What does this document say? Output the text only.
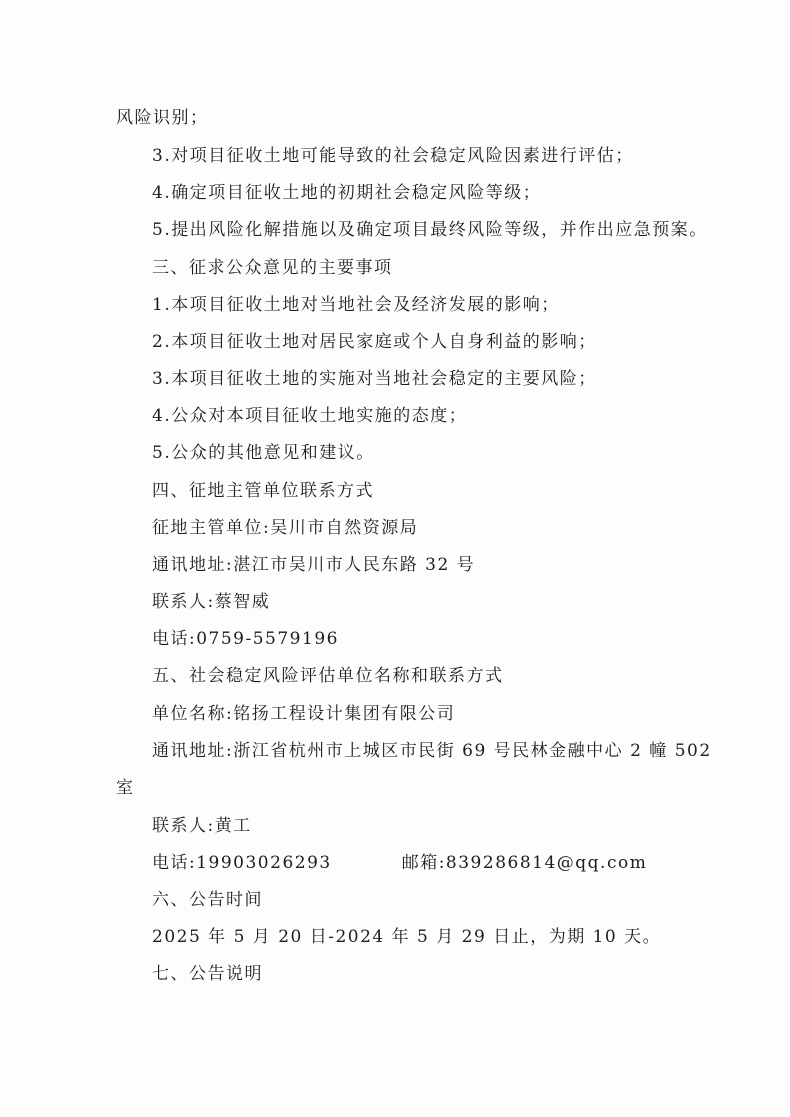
风险识别；

3.对项目征收土地可能导致的社会稳定风险因素进行评估；

4.确定项目征收土地的初期社会稳定风险等级；

5.提出风险化解措施以及确定项目最终风险等级，并作出应急预案。

三、征求公众意见的主要事项

1.本项目征收土地对当地社会及经济发展的影响；

2.本项目征收土地对居民家庭或个人自身利益的影响；

3.本项目征收土地的实施对当地社会稳定的主要风险；

4.公众对本项目征收土地实施的态度；

5.公众的其他意见和建议。

四、征地主管单位联系方式

征地主管单位:吴川市自然资源局

通讯地址:湛江市吴川市人民东路 32 号

联系人:蔡智威

电话:0759-5579196

五、社会稳定风险评估单位名称和联系方式

单位名称:铭扬工程设计集团有限公司

通讯地址:浙江省杭州市上城区市民街 69 号民林金融中心 2 幢 502

室

联系人:黄工

电话:19903026293	邮箱:839286814@qq.com

六、公告时间

2025 年 5 月 20 日-2024 年 5 月 29 日止，为期 10 天。

七、公告说明
